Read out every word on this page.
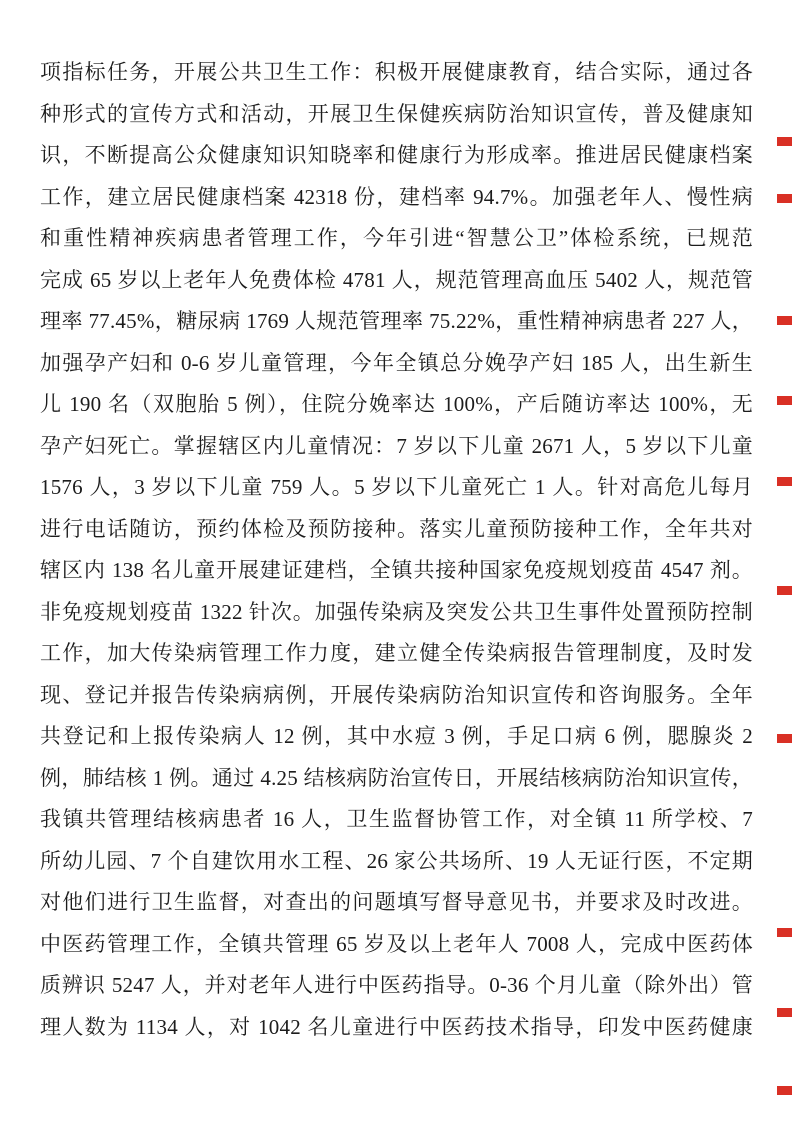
项指标任务，开展公共卫生工作：积极开展健康教育，结合实际，通过各
种形式的宣传方式和活动，开展卫生保健疾病防治知识宣传，普及健康知
识，不断提高公众健康知识知晓率和健康行为形成率。推进居民健康档案
工作，建立居民健康档案 42318 份，建档率 94.7%。加强老年人、慢性病
和重性精神疾病患者管理工作，今年引进“智慧公卫”体检系统，已规范
完成 65 岁以上老年人免费体检 4781 人，规范管理高血压 5402 人，规范管
理率 77.45%，糖尿病 1769 人规范管理率 75.22%，重性精神病患者 227 人，
加强孕产妇和 0-6 岁儿童管理，今年全镇总分娩孕产妇 185 人，出生新生
儿 190 名（双胞胎 5 例），住院分娩率达 100%，产后随访率达 100%，无
孕产妇死亡。掌握辖区内儿童情况：7 岁以下儿童 2671 人，5 岁以下儿童
1576 人，3 岁以下儿童 759 人。5 岁以下儿童死亡 1 人。针对高危儿每月
进行电话随访，预约体检及预防接种。落实儿童预防接种工作，全年共对
辖区内 138 名儿童开展建证建档，全镇共接种国家免疫规划疫苗 4547 剂。
非免疫规划疫苗 1322 针次。加强传染病及突发公共卫生事件处置预防控制
工作，加大传染病管理工作力度，建立健全传染病报告管理制度，及时发
现、登记并报告传染病病例，开展传染病防治知识宣传和咨询服务。全年
共登记和上报传染病人 12 例，其中水痘 3 例，手足口病 6 例，腮腺炎 2
例，肺结核 1 例。通过 4.25 结核病防治宣传日，开展结核病防治知识宣传，
我镇共管理结核病患者 16 人，卫生监督协管工作，对全镇 11 所学校、7
所幼儿园、7 个自建饮用水工程、26 家公共场所、19 人无证行医，不定期
对他们进行卫生监督，对查出的问题填写督导意见书，并要求及时改进。
中医药管理工作，全镇共管理 65 岁及以上老年人 7008 人，完成中医药体
质辨识 5247 人，并对老年人进行中医药指导。0-36 个月儿童（除外出）管
理人数为 1134 人，对 1042 名儿童进行中医药技术指导，印发中医药健康
